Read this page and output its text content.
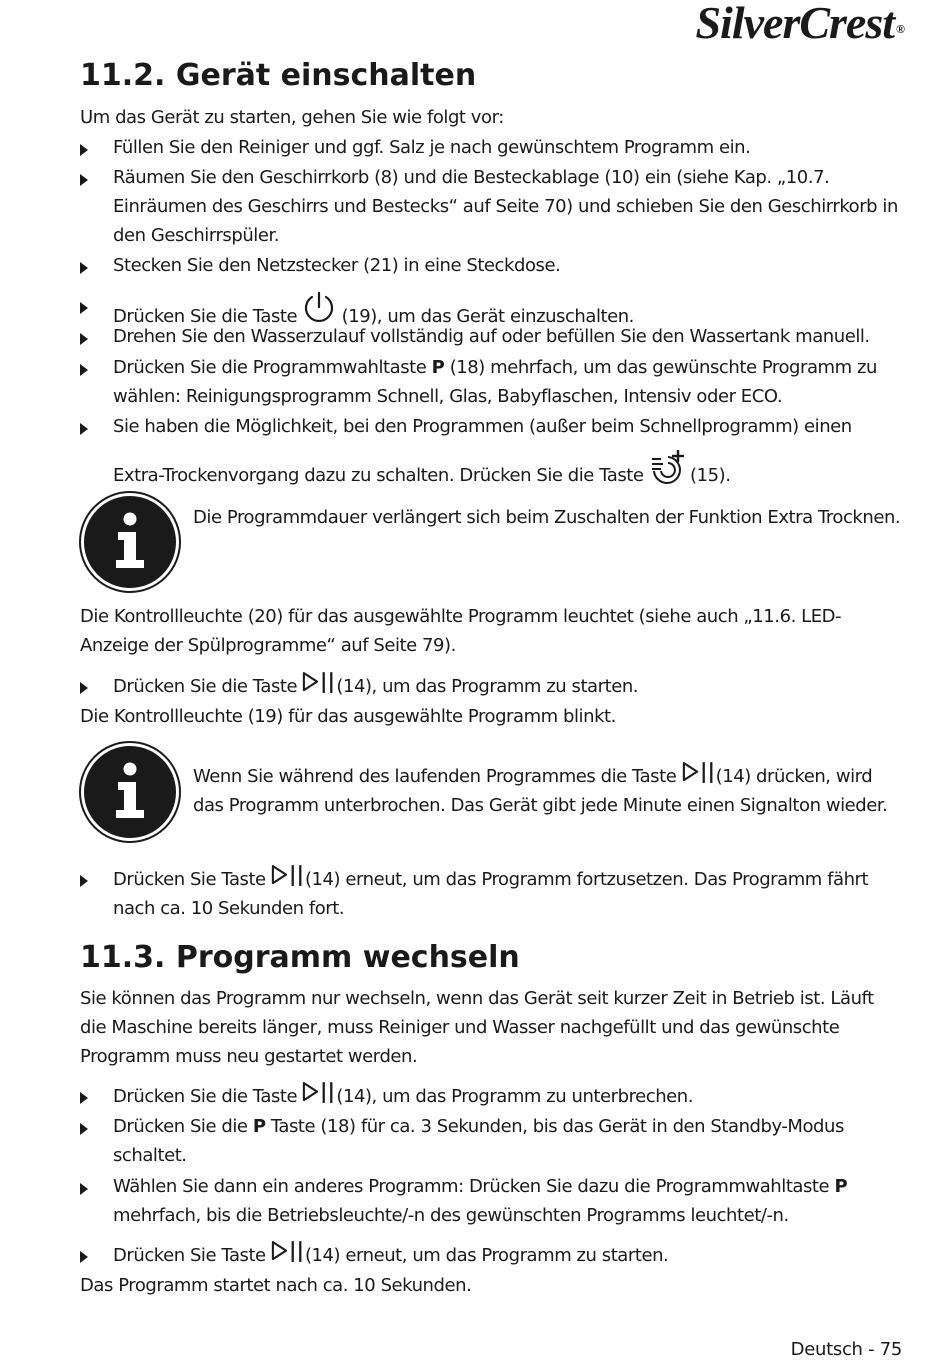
SilverCrest ®
11.2. Gerät einschalten

Um das Gerät zu starten, gehen Sie wie folgt vor:

Füllen Sie den Reiniger und ggf. Salz je nach gewünschtem Programm ein.
Räumen Sie den Geschirrkorb (8) und die Besteckablage (10) ein (siehe Kap. „10.7. Einräumen des Geschirrs und Bestecks“ auf Seite 70) und schieben Sie den Geschirrkorb in den Geschirrspüler.
Stecken Sie den Netzstecker (21) in eine Steckdose.
Drücken Sie die Taste  (19), um das Gerät einzuschalten.
Drehen Sie den Wasserzulauf vollständig auf oder befüllen Sie den Wassertank manuell.
Drücken Sie die Programmwahltaste P (18) mehrfach, um das gewünschte Programm zu wählen: Reinigungsprogramm Schnell, Glas, Babyflaschen, Intensiv oder ECO.
Sie haben die Möglichkeit, bei den Programmen (außer beim Schnellprogramm) einen
Extra-Trockenvorgang dazu zu schalten. Drücken Sie die Taste  (15).
Die Programmdauer verlängert sich beim Zuschalten der Funktion Extra Trocknen.

Die Kontrollleuchte (20) für das ausgewählte Programm leuchtet (siehe auch „11.6. LED-Anzeige der Spülprogramme“ auf Seite 79).

Drücken Sie die Taste (14), um das Programm zu starten.

Die Kontrollleuchte (19) für das ausgewählte Programm blinkt.

Wenn Sie während des laufenden Programmes die Taste (14) drücken, wird das Programm unterbrochen. Das Gerät gibt jede Minute einen Signalton wieder.
Drücken Sie Taste (14) erneut, um das Programm fortzusetzen. Das Programm fährt nach ca. 10 Sekunden fort.
11.3. Programm wechseln

Sie können das Programm nur wechseln, wenn das Gerät seit kurzer Zeit in Betrieb ist. Läuft die Maschine bereits länger, muss Reiniger und Wasser nachgefüllt und das gewünschte Programm muss neu gestartet werden.

Drücken Sie die Taste (14), um das Programm zu unterbrechen.
Drücken Sie die P Taste (18) für ca. 3 Sekunden, bis das Gerät in den Standby-Modus schaltet.
Wählen Sie dann ein anderes Programm: Drücken Sie dazu die Programmwahltaste P mehrfach, bis die Betriebsleuchte/-n des gewünschten Programms leuchtet/-n.
Drücken Sie Taste (14) erneut, um das Programm zu starten.

Das Programm startet nach ca. 10 Sekunden.

Deutsch - 75
